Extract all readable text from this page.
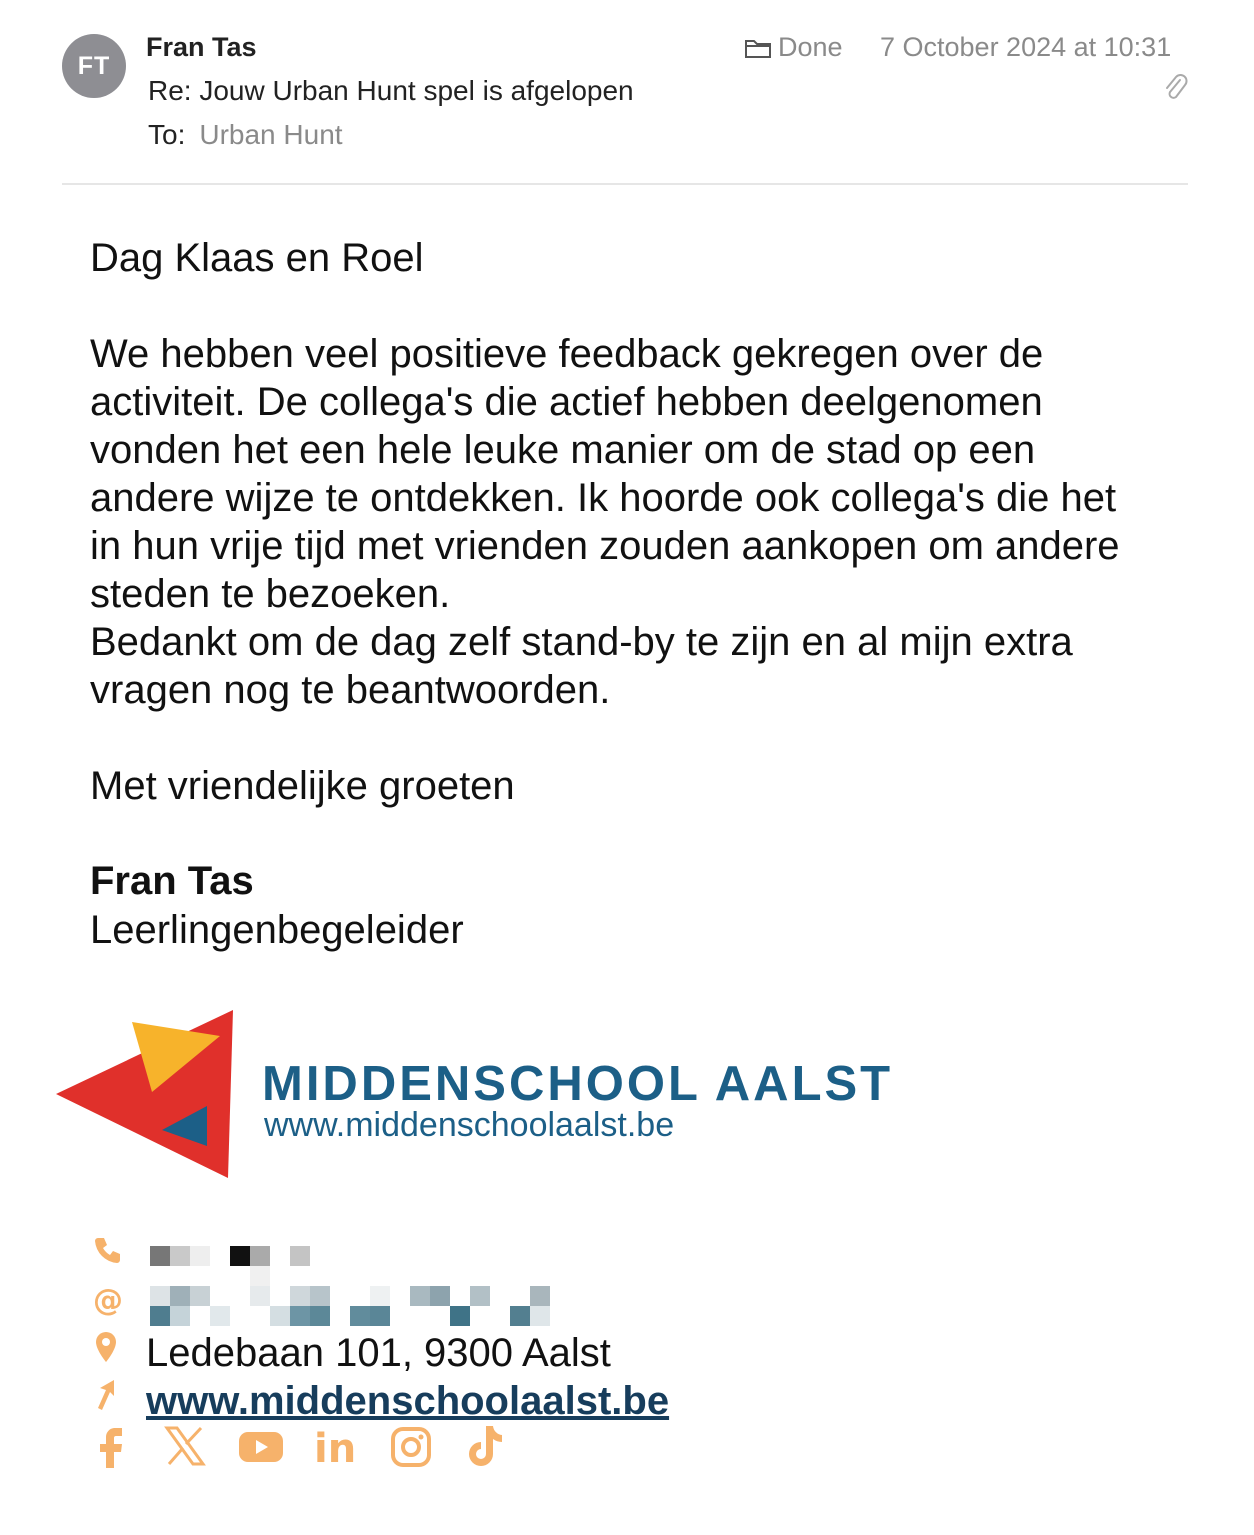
FT
Fran Tas
Re: Jouw Urban Hunt spel is afgelopen
To: Urban Hunt
Done 7 October 2024 at 10:31
Dag Klaas en Roel
We hebben veel positieve feedback gekregen over de
activiteit. De collega's die actief hebben deelgenomen
vonden het een hele leuke manier om de stad op een
andere wijze te ontdekken. Ik hoorde ook collega's die het
in hun vrije tijd met vrienden zouden aankopen om andere
steden te bezoeken.
Bedankt om de dag zelf stand-by te zijn en al mijn extra
vragen nog te beantwoorden.
Met vriendelijke groeten
Fran Tas
Leerlingenbegeleider
MIDDENSCHOOL AALST
www.middenschoolaalst.be
@
Ledebaan 101, 9300 Aalst
www.middenschoolaalst.be
in
